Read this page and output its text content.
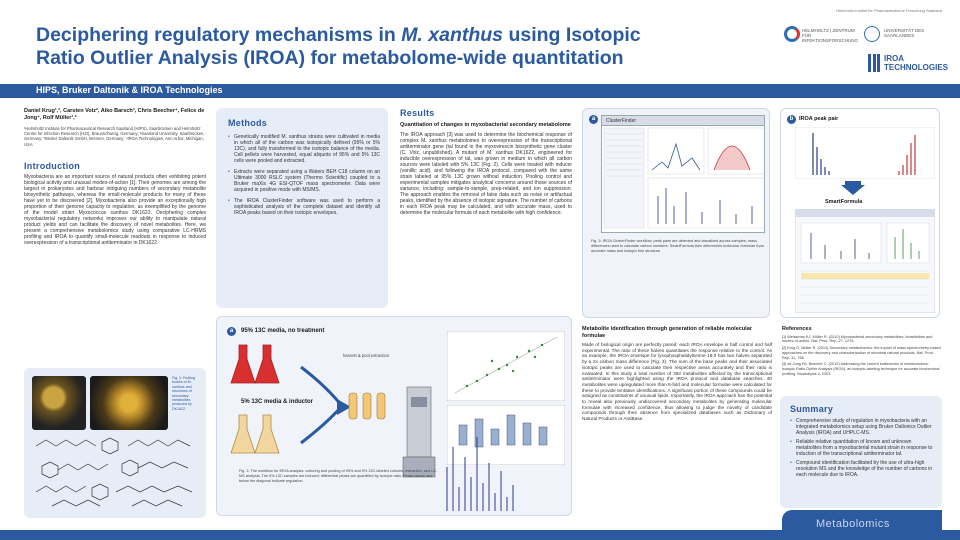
Deciphering regulatory mechanisms in M. xanthus using Isotopic
Ratio Outlier Analysis (IROA) for metabolome-wide quantitation
Helmholtz-Institut für Pharmazeutische Forschung Saarland
HELMHOLTZ | ZENTRUM FÜR INFEKTIONSFORSCHUNG
UNIVERSITÄT DES SAARLANDES
IROA
TECHNOLOGIES
HIPS, Bruker Daltonik & IROA Technologies
Daniel Krug¹,², Carsten Volz², Aiko Barsch³, Chris Beecher⁴, Felice de Jong⁴, Rolf Müller¹,²
¹Helmholtz Institute for Pharmaceutical Research Saarland (HIPS), Saarbrücken and Helmholtz Centre for Infection Research (HZI), Braunschweig, Germany; ²Saarland University, Saarbrücken, Germany; ³Bruker Daltonik GmbH, Bremen, Germany; ⁴IROA Technologies, Ann Arbor, Michigan, USA
Introduction
Myxobacteria are an important source of natural products often exhibiting potent biological activity and unusual modes-of-action [1]. Their genomes are among the largest in prokaryotes and harbour intriguing numbers of secondary metabolite biosynthetic pathways, whereas the small-molecule products for many of these have yet to be discovered [2]. Myxobacteria also provide an exceptionally high proportion of their genome capacity to regulation, as exemplified by the genome of the model strain Myxococcus xanthus DK1622. Deciphering complex myxobacterial regulatory networks improves our ability to manipulate natural product yields and can facilitate the discovery of novel metabolites. Here, we present a comprehensive metabolomics study using comparative LC-HRMS profiling and IROA to quantify small-molecule readouts in response to induced overexpression of a transcriptional antiterminator in DK1622.
Fig. 1: Fruiting bodies of M. xanthus and structures of secondary metabolites produced by DK1622.
Methods
• Genetically modified M. xanthus strains were cultivated in media in which all of the carbon was isotopically defined (95% or 5% 13C), and fully transformed to the isotopic balance of the media. Cell pellets were harvested, equal aliquots of 95% and 5% 13C cells were pooled and extracted.
• Extracts were separated using a Waters BEH C18 column on an Ultimate 3000 RSLC system (Thermo Scientific) coupled to a Bruker maXis 4G ESI-QTOF mass spectrometer. Data were acquired in positive mode with MS/MS.
• The IROA ClusterFinder software was used to perform a sophisticated analysis of the complete dataset and identify all IROA peaks based on their isotopic envelopes.
Results
Quantitation of changes in myxobacterial secondary metabolome
The IROA approach [3] was used to determine the biochemical response of complex M. xanthus metabolomes to overexpression of the transcriptional antiterminator gene (tal found in the myxovirescin biosynthetic gene cluster (C. Volz, unpublished). A mutant of M. xanthus DK1622, engineered for inducible overexpression of tal, was grown in medium in which all carbon sources were labeled with 5% 13C (Fig. 2). Cells were treated with inducer (vanillic acid), and following the IROA protocol, compared with the same strain labeled at 95% 13C grown without induction. Pooling control and experimental samples mitigates analytical concerns around those sources of variance, including: sample-to-sample, prep-related, and ion suppression. The approach enables the removal of false data such as noise or artifactual peaks, identified by the absence of isotopic signature. The number of carbons in each IROA peak may be calculated, and with accurate mass, used to determine the molecular formula of each metabolite with high confidence.
a	95% 13C media, no treatment
5% 13C media & inductor
harvest & pool extraction
Fig. 2: The workflow for IROA analysis: culturing and pooling of 95% and 5% 13C-labeled cultures, extraction, and LC-MS analysis. The 5% 13C samples are induced; differential peaks are quantified by isotopic ratio. Peaks above and below the diagonal indicate regulation.
a	ClusterFinder
Fig. 3: IROA ClusterFinder workflow: peak pairs are detected and visualized across samples; mass differences used to calculate carbon numbers. SmartFormula then determines molecular formulae from accurate mass and isotopic fine structure.
b	IROA peak pair
SmartFormula
Metabolite identification through generation of reliable molecular formulae
Made of biological origin are perfectly paired: each IROA envelope is half control and half experimental. The ratio of these halves quantitates the response relative to the control. As an example, the IROA envelope for lysophosphatidylserine 18:0 has two halves separated by a 2x carbon mass difference (Fig. 3). The sum of the base peaks and their associated isotopic peaks are used to calculate their respective areas accurately and their ratio is evaluated. In this study a total number of 393 metabolites affected by the transcriptional antiterminator were highlighted using the IROA protocol and database searches. 40 metabolites were upregulated more than 5-fold and molecular formulae were calculated for these to provide tentative identifications. A significant portion of these compounds could be assigned as constituents of unusual lipids. Importantly, the IROA approach has the potential to reveal also previously undiscovered secondary metabolites by generating molecular formulae with increased confidence, thus allowing to judge the novelty of candidate compounds through their absence from specialized databases such as Dictionary of Natural Products or AntiBase.
References
[1] Weissman KJ, Müller R. (2010) Myxobacterial secondary metabolites: bioactivities and modes-of-action. Nat. Prod. Rep. 27, 1276.
[2] Krug D, Müller R. (2014) Secondary metabolomics: the impact of mass spectrometry-based approaches on the discovery and characterization of microbial natural products. Nat. Prod. Rep. 31, 768.
[3] de Jong FA, Beecher C. (2012) Addressing the current bottlenecks of metabolomics: Isotopic Ratio Outlier Analysis (IROA), an isotopic-labeling technique for accurate biochemical profiling. Bioanalysis 4, 2303.
Summary
• Comprehensive study of regulation in myxobacteria with an integrated metabolomics setup using Bruker Daltonics Outlier Analysis (IROA) and UHPLC-MS.
• Reliable relative quantitation of known and unknown metabolites from a myxobacterial mutant strain in response to induction of the transcriptional antiterminator tal.
• Compound identification facilitated by the use of ultra-high resolution MS and the knowledge of the number of carbons in each molecule due to IROA.
Metabolomics
